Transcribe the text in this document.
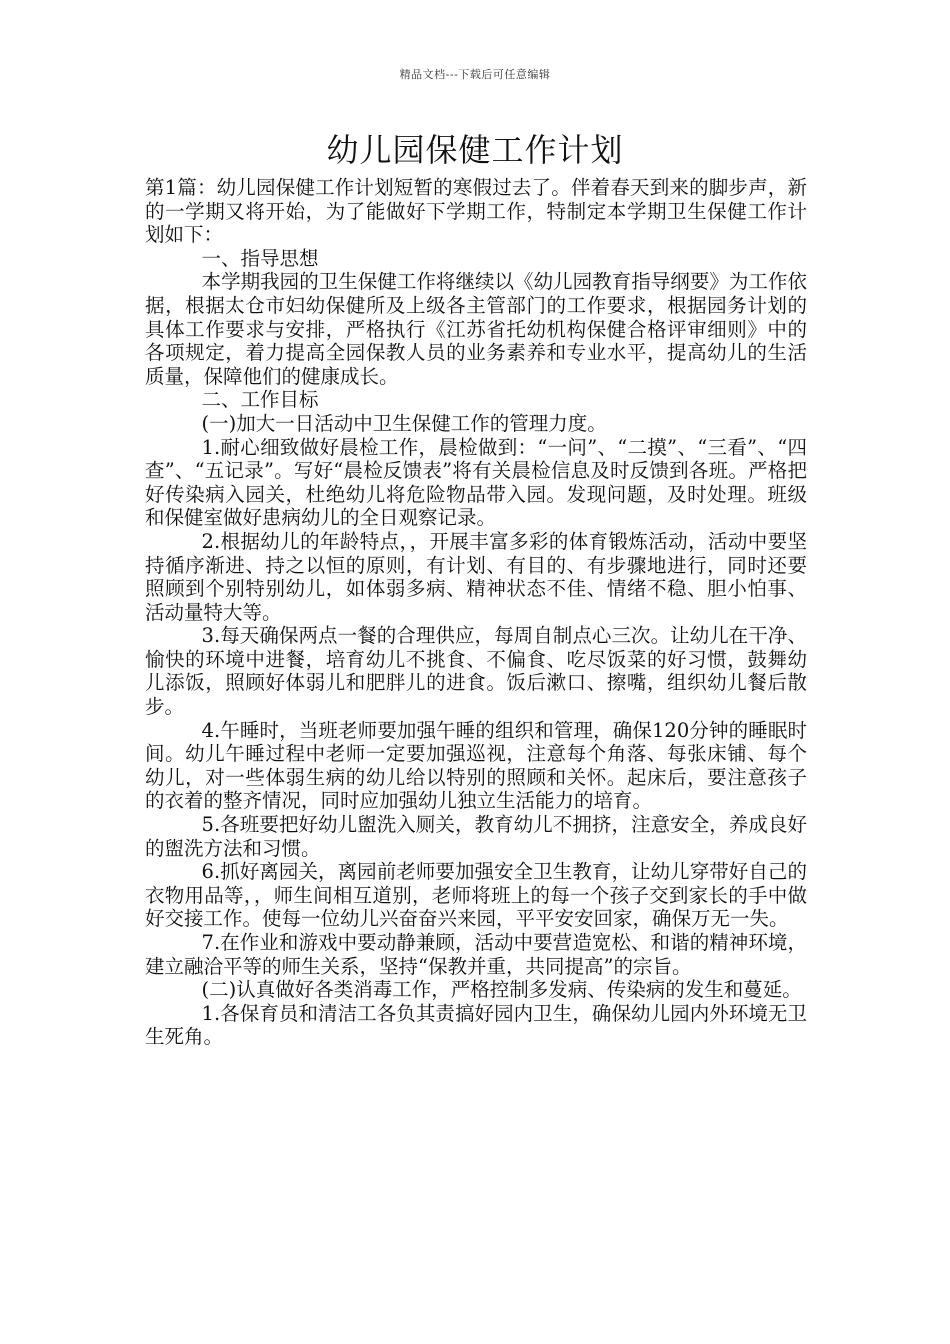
精品文档---下载后可任意编辑
幼儿园保健工作计划

第1篇：幼儿园保健工作计划短暂的寒假过去了。伴着春天到来的脚步声，新的一学期又将开始，为了能做好下学期工作，特制定本学期卫生保健工作计划如下：

一、指导思想

本学期我园的卫生保健工作将继续以《幼儿园教育指导纲要》为工作依据，根据太仓市妇幼保健所及上级各主管部门的工作要求，根据园务计划的具体工作要求与安排，严格执行《江苏省托幼机构保健合格评审细则》中的各项规定，着力提高全园保教人员的业务素养和专业水平，提高幼儿的生活质量，保障他们的健康成长。

二、工作目标

(一)加大一日活动中卫生保健工作的管理力度。

1.耐心细致做好晨检工作，晨检做到：“一问”、“二摸”、“三看”、“四查”、“五记录”。写好“晨检反馈表”将有关晨检信息及时反馈到各班。严格把好传染病入园关，杜绝幼儿将危险物品带入园。发现问题，及时处理。班级和保健室做好患病幼儿的全日观察记录。

2.根据幼儿的年龄特点，，开展丰富多彩的体育锻炼活动，活动中要坚持循序渐进、持之以恒的原则，有计划、有目的、有步骤地进行，同时还要照顾到个别特别幼儿，如体弱多病、精神状态不佳、情绪不稳、胆小怕事、活动量特大等。

3.每天确保两点一餐的合理供应，每周自制点心三次。让幼儿在干净、愉快的环境中进餐，培育幼儿不挑食、不偏食、吃尽饭菜的好习惯，鼓舞幼儿添饭，照顾好体弱儿和肥胖儿的进食。饭后漱口、擦嘴，组织幼儿餐后散步。

4.午睡时，当班老师要加强午睡的组织和管理，确保120分钟的睡眠时间。幼儿午睡过程中老师一定要加强巡视，注意每个角落、每张床铺、每个幼儿，对一些体弱生病的幼儿给以特别的照顾和关怀。起床后，要注意孩子的衣着的整齐情况，同时应加强幼儿独立生活能力的培育。

5.各班要把好幼儿盥洗入厕关，教育幼儿不拥挤，注意安全，养成良好的盥洗方法和习惯。

6.抓好离园关，离园前老师要加强安全卫生教育，让幼儿穿带好自己的衣物用品等，，师生间相互道别，老师将班上的每一个孩子交到家长的手中做好交接工作。使每一位幼儿兴奋奋兴来园，平平安安回家，确保万无一失。

7.在作业和游戏中要动静兼顾，活动中要营造宽松、和谐的精神环境，建立融洽平等的师生关系，坚持“保教并重，共同提高”的宗旨。

(二)认真做好各类消毒工作，严格控制多发病、传染病的发生和蔓延。

1.各保育员和清洁工各负其责搞好园内卫生，确保幼儿园内外环境无卫生死角。
